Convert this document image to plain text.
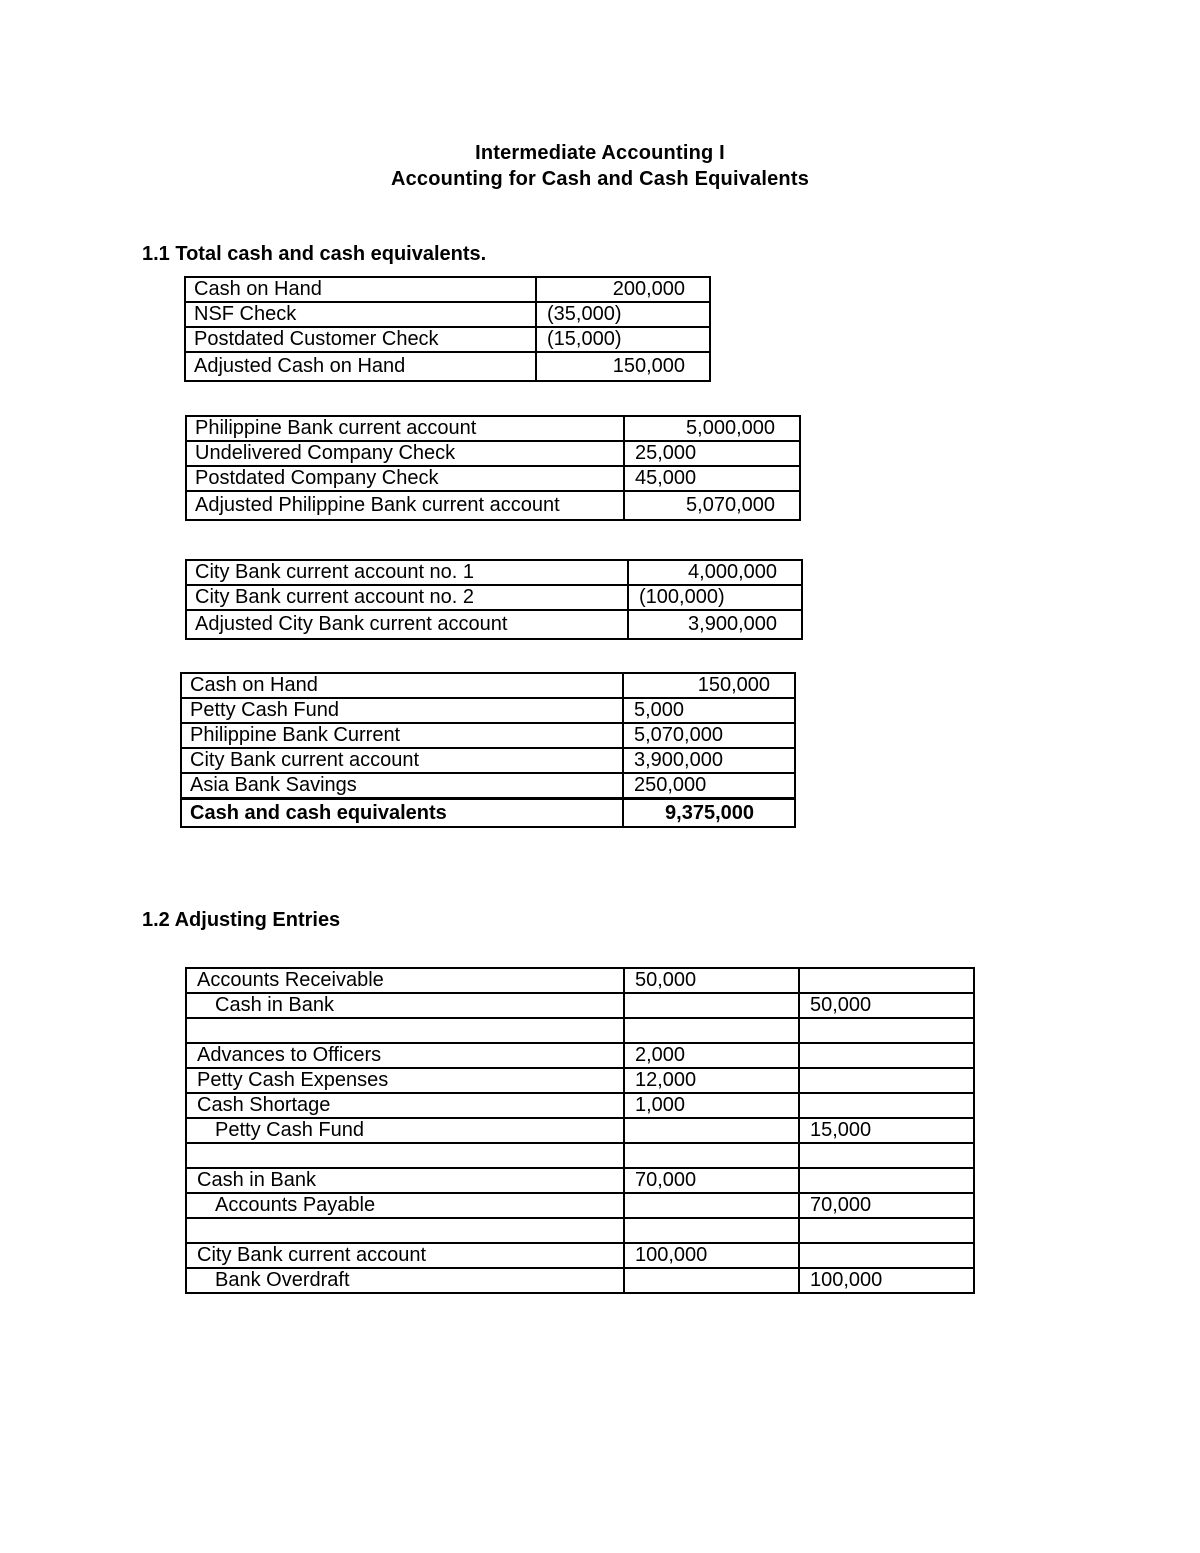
Intermediate Accounting I
Accounting for Cash and Cash Equivalents
1.1 Total cash and cash equivalents.
Cash on Hand	200,000
NSF Check	(35,000)
Postdated Customer Check	(15,000)
Adjusted Cash on Hand	150,000
Philippine Bank current account	5,000,000
Undelivered Company Check	25,000
Postdated Company Check	45,000
Adjusted Philippine Bank current account	5,070,000
City Bank current account no. 1	4,000,000
City Bank current account no. 2	(100,000)
Adjusted City Bank current account	3,900,000
Cash on Hand	150,000
Petty Cash Fund	5,000
Philippine Bank Current	5,070,000
City Bank current account	3,900,000
Asia Bank Savings	250,000
Cash and cash equivalents	9,375,000
1.2 Adjusting Entries
Accounts Receivable	50,000	
Cash in Bank		50,000

Advances to Officers	2,000	
Petty Cash Expenses	12,000	
Cash Shortage	1,000	
Petty Cash Fund		15,000

Cash in Bank	70,000	
Accounts Payable		70,000

City Bank current account	100,000	
Bank Overdraft		100,000
